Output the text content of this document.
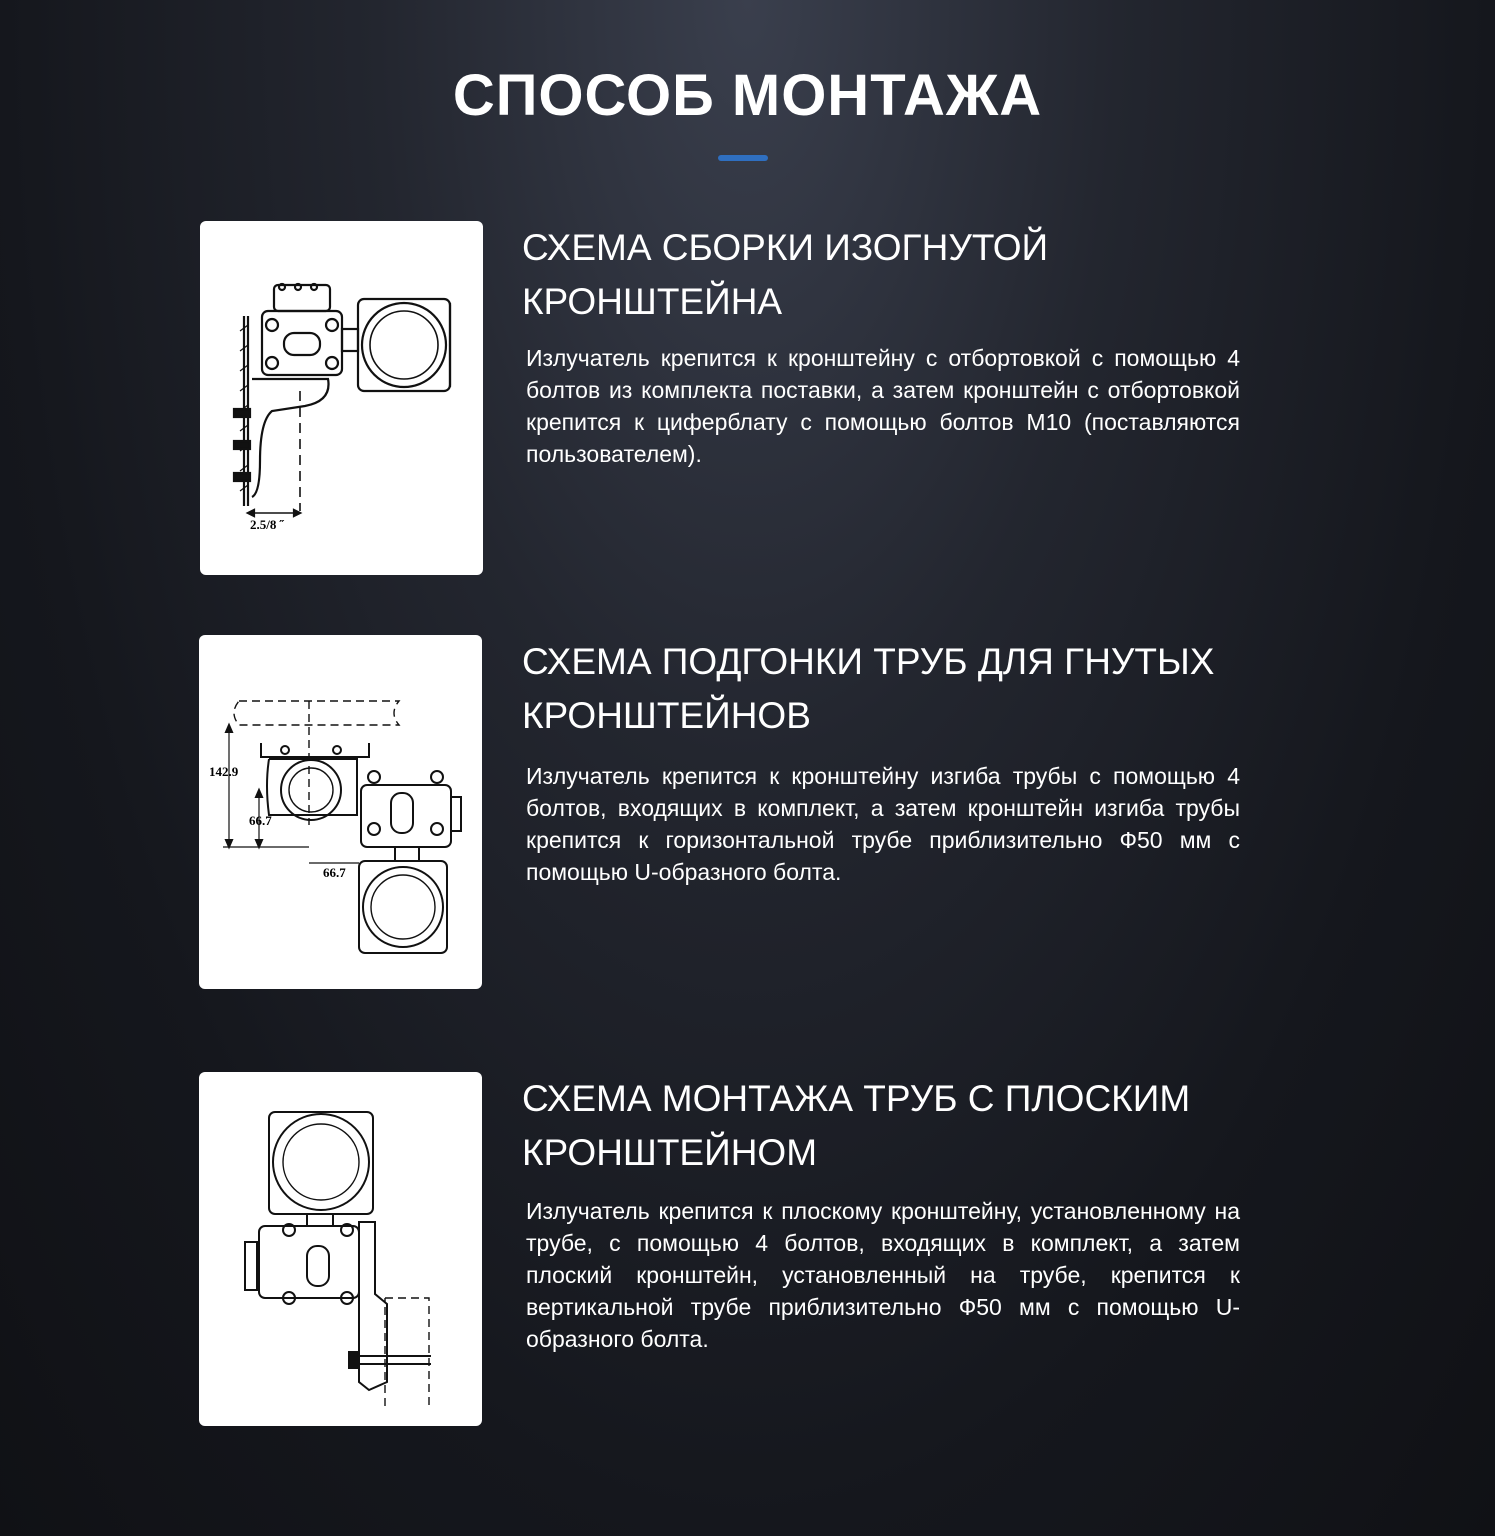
СПОСОБ МОНТАЖА
2.5/8 ˝
СХЕМА СБОРКИ ИЗОГНУТОЙ КРОНШТЕЙНА

Излучатель крепится к кронштейну с отбортовкой с помощью 4 болтов из комплекта поставки, а затем кронштейн с отбортовкой крепится к циферблату с помощью болтов М10 (поставляются пользователем).

142.9
66.7
66.7
СХЕМА ПОДГОНКИ ТРУБ ДЛЯ ГНУТЫХ КРОНШТЕЙНОВ

Излучатель крепится к кронштейну изгиба трубы с помощью 4 болтов, входящих в комплект, а затем кронштейн изгиба трубы крепится к горизонтальной трубе приблизительно Ф50 мм с помощью U-образного болта.

СХЕМА МОНТАЖА ТРУБ С ПЛОСКИМ КРОНШТЕЙНОМ

Излучатель крепится к плоскому кронштейну, установленному на трубе, с помощью 4 болтов, входящих в комплект, а затем плоский кронштейн, установленный на трубе, крепится к вертикальной трубе приблизительно Ф50 мм с помощью U-образного болта.
